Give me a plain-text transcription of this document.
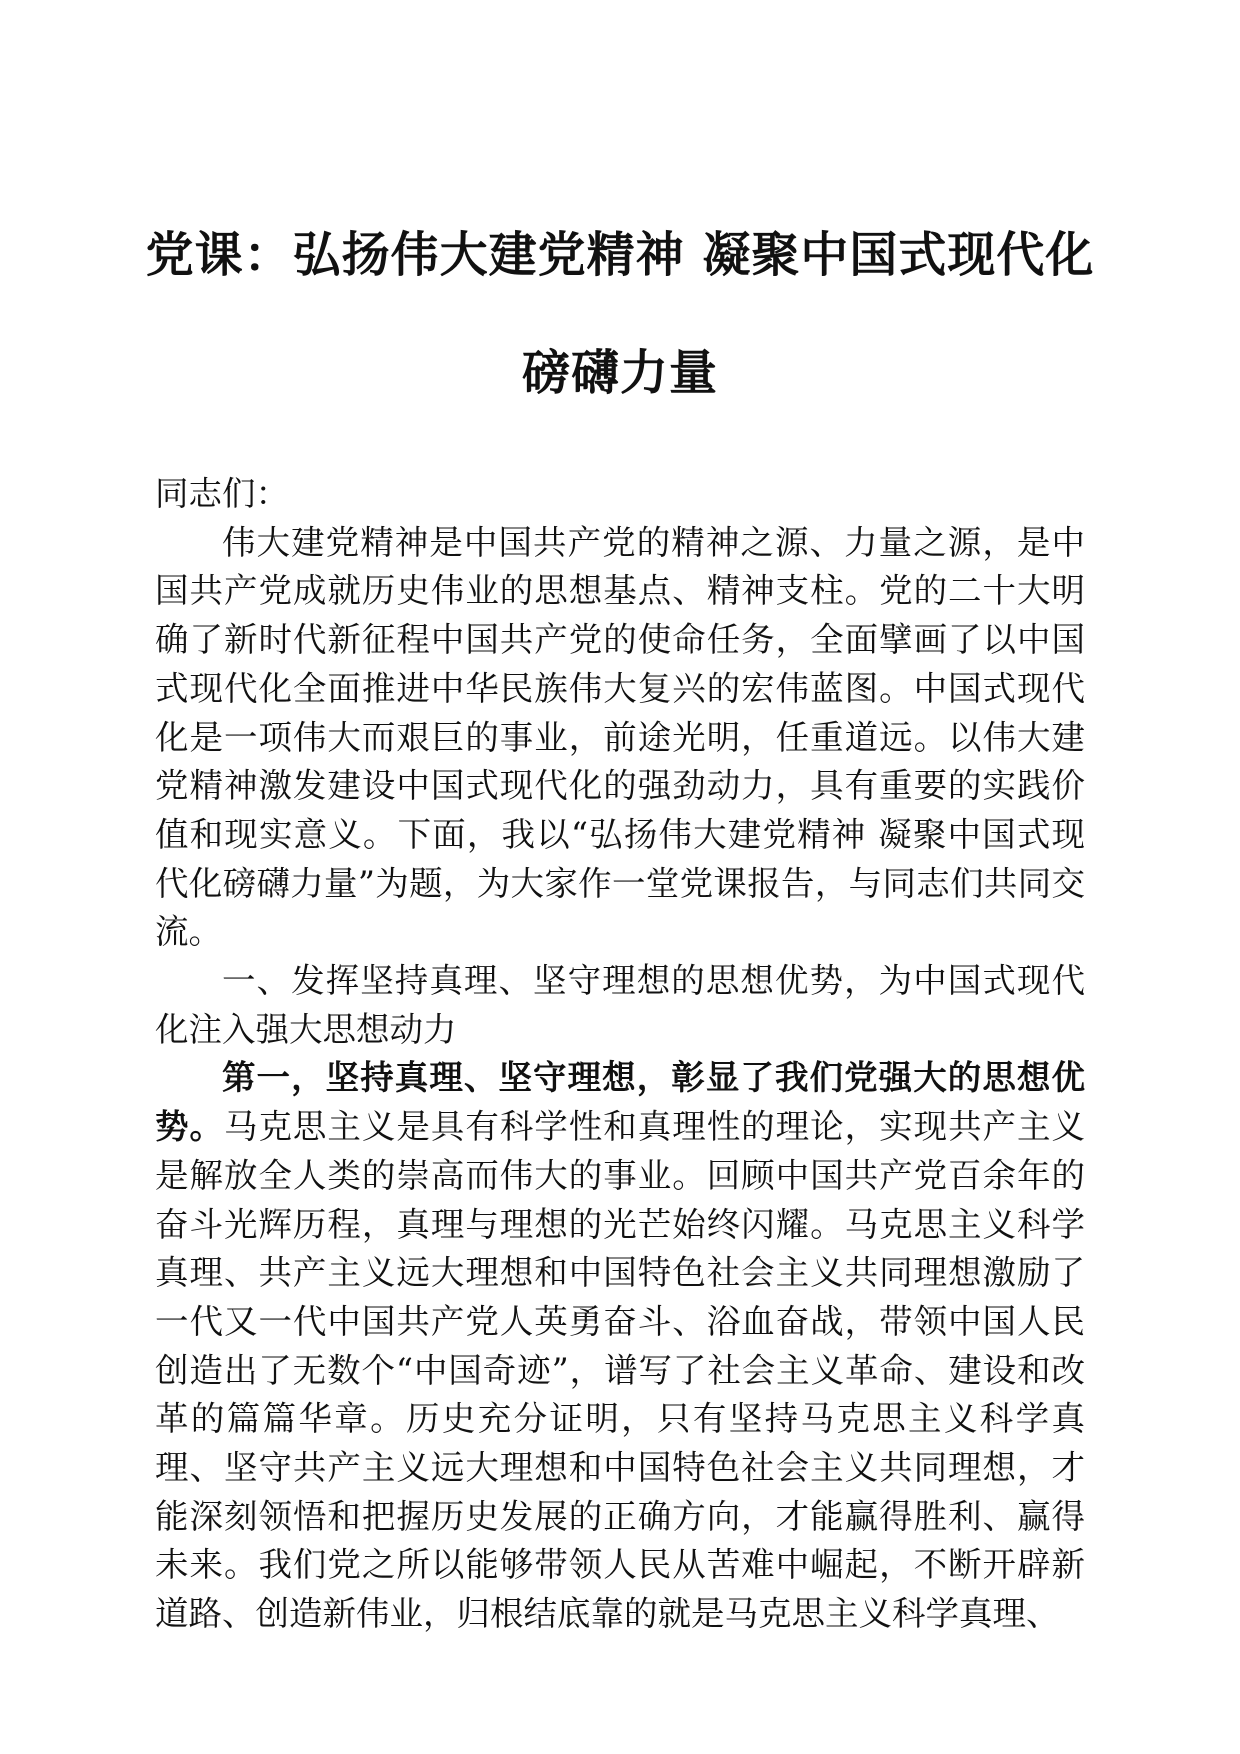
党课：弘扬伟大建党精神 凝聚中国式现代化
磅礴力量

同志们：

伟大建党精神是中国共产党的精神之源、力量之源，是中国共产党成就历史伟业的思想基点、精神支柱。党的二十大明确了新时代新征程中国共产党的使命任务，全面擘画了以中国式现代化全面推进中华民族伟大复兴的宏伟蓝图。中国式现代化是一项伟大而艰巨的事业，前途光明，任重道远。以伟大建党精神激发建设中国式现代化的强劲动力，具有重要的实践价值和现实意义。下面，我以“弘扬伟大建党精神 凝聚中国式现代化磅礴力量”为题，为大家作一堂党课报告，与同志们共同交流。

一、发挥坚持真理、坚守理想的思想优势，为中国式现代化注入强大思想动力

第一，坚持真理、坚守理想，彰显了我们党强大的思想优势。马克思主义是具有科学性和真理性的理论，实现共产主义是解放全人类的崇高而伟大的事业。回顾中国共产党百余年的奋斗光辉历程，真理与理想的光芒始终闪耀。马克思主义科学真理、共产主义远大理想和中国特色社会主义共同理想激励了一代又一代中国共产党人英勇奋斗、浴血奋战，带领中国人民创造出了无数个“中国奇迹”，谱写了社会主义革命、建设和改革的篇篇华章。历史充分证明，只有坚持马克思主义科学真理、坚守共产主义远大理想和中国特色社会主义共同理想，才能深刻领悟和把握历史发展的正确方向，才能赢得胜利、赢得未来。我们党之所以能够带领人民从苦难中崛起，不断开辟新道路、创造新伟业，归根结底靠的就是马克思主义科学真理、
